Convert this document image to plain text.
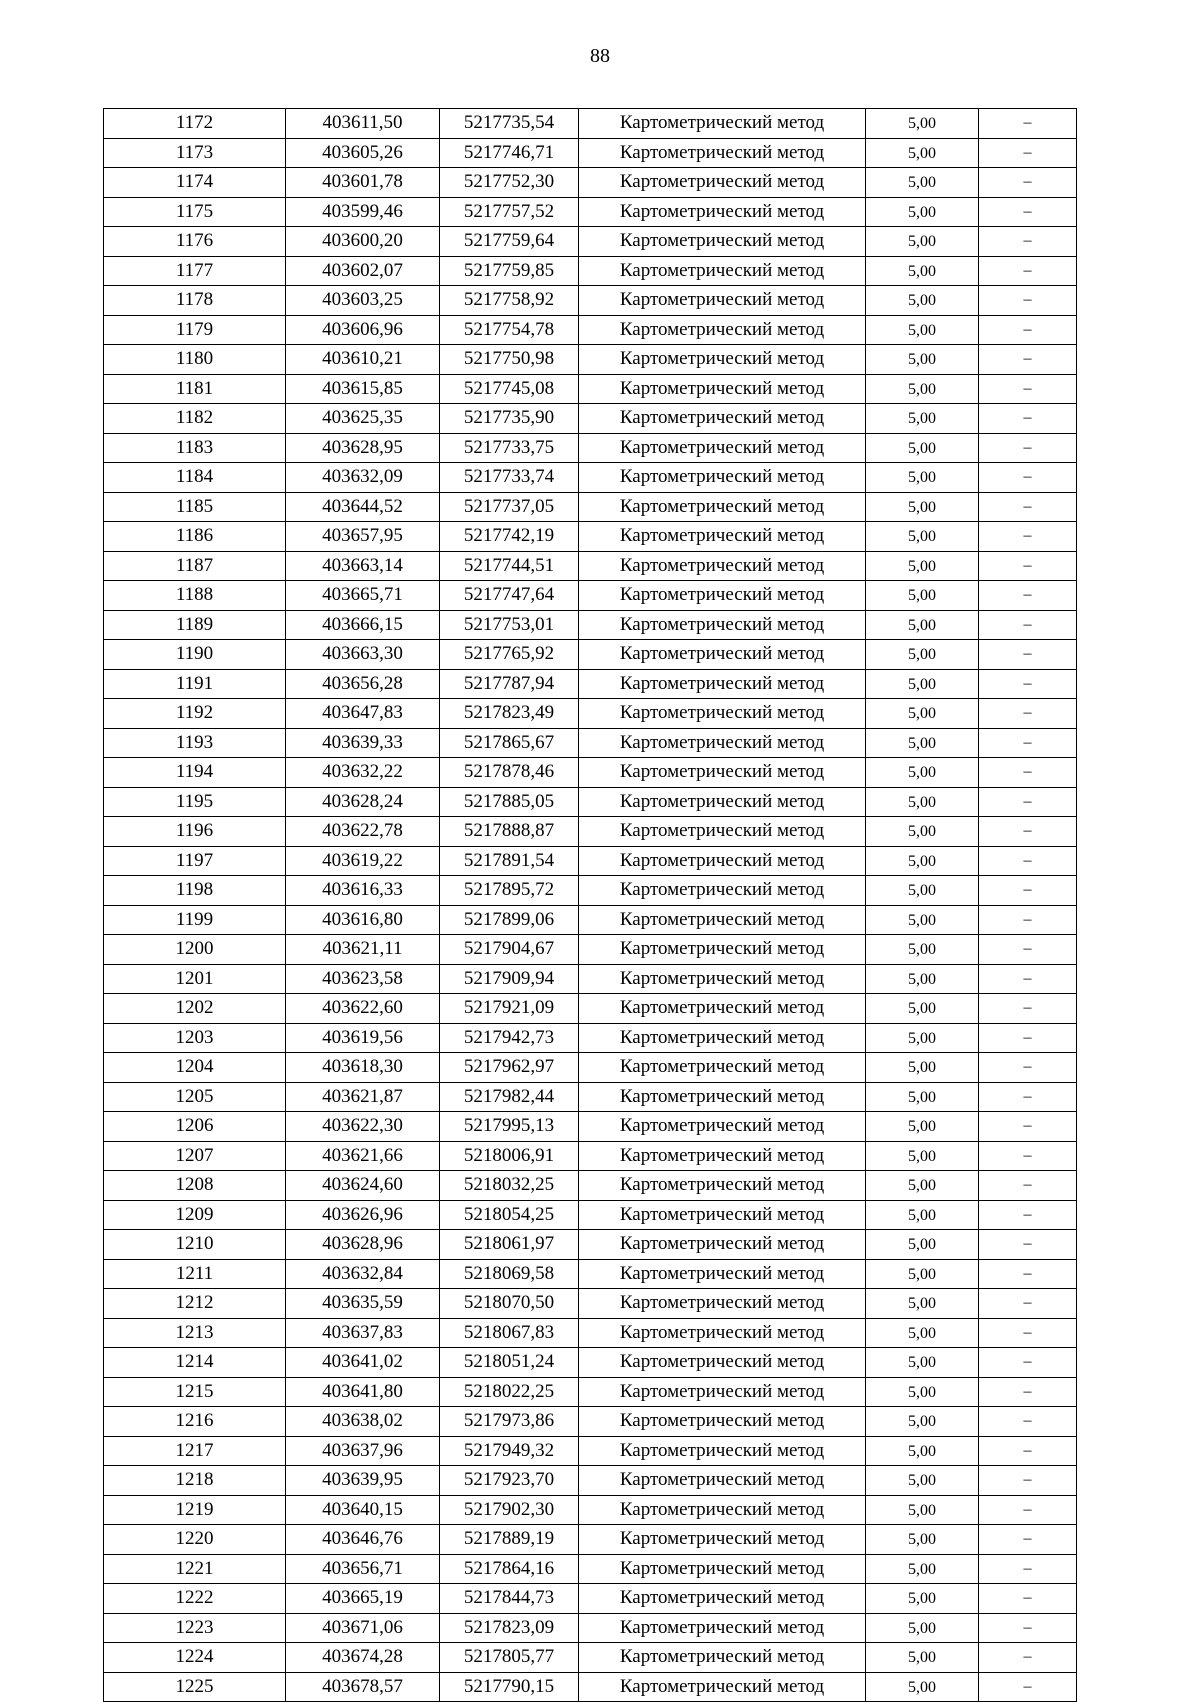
88
1172	403611,50	5217735,54	Картометрический метод	5,00	–
1173	403605,26	5217746,71	Картометрический метод	5,00	–
1174	403601,78	5217752,30	Картометрический метод	5,00	–
1175	403599,46	5217757,52	Картометрический метод	5,00	–
1176	403600,20	5217759,64	Картометрический метод	5,00	–
1177	403602,07	5217759,85	Картометрический метод	5,00	–
1178	403603,25	5217758,92	Картометрический метод	5,00	–
1179	403606,96	5217754,78	Картометрический метод	5,00	–
1180	403610,21	5217750,98	Картометрический метод	5,00	–
1181	403615,85	5217745,08	Картометрический метод	5,00	–
1182	403625,35	5217735,90	Картометрический метод	5,00	–
1183	403628,95	5217733,75	Картометрический метод	5,00	–
1184	403632,09	5217733,74	Картометрический метод	5,00	–
1185	403644,52	5217737,05	Картометрический метод	5,00	–
1186	403657,95	5217742,19	Картометрический метод	5,00	–
1187	403663,14	5217744,51	Картометрический метод	5,00	–
1188	403665,71	5217747,64	Картометрический метод	5,00	–
1189	403666,15	5217753,01	Картометрический метод	5,00	–
1190	403663,30	5217765,92	Картометрический метод	5,00	–
1191	403656,28	5217787,94	Картометрический метод	5,00	–
1192	403647,83	5217823,49	Картометрический метод	5,00	–
1193	403639,33	5217865,67	Картометрический метод	5,00	–
1194	403632,22	5217878,46	Картометрический метод	5,00	–
1195	403628,24	5217885,05	Картометрический метод	5,00	–
1196	403622,78	5217888,87	Картометрический метод	5,00	–
1197	403619,22	5217891,54	Картометрический метод	5,00	–
1198	403616,33	5217895,72	Картометрический метод	5,00	–
1199	403616,80	5217899,06	Картометрический метод	5,00	–
1200	403621,11	5217904,67	Картометрический метод	5,00	–
1201	403623,58	5217909,94	Картометрический метод	5,00	–
1202	403622,60	5217921,09	Картометрический метод	5,00	–
1203	403619,56	5217942,73	Картометрический метод	5,00	–
1204	403618,30	5217962,97	Картометрический метод	5,00	–
1205	403621,87	5217982,44	Картометрический метод	5,00	–
1206	403622,30	5217995,13	Картометрический метод	5,00	–
1207	403621,66	5218006,91	Картометрический метод	5,00	–
1208	403624,60	5218032,25	Картометрический метод	5,00	–
1209	403626,96	5218054,25	Картометрический метод	5,00	–
1210	403628,96	5218061,97	Картометрический метод	5,00	–
1211	403632,84	5218069,58	Картометрический метод	5,00	–
1212	403635,59	5218070,50	Картометрический метод	5,00	–
1213	403637,83	5218067,83	Картометрический метод	5,00	–
1214	403641,02	5218051,24	Картометрический метод	5,00	–
1215	403641,80	5218022,25	Картометрический метод	5,00	–
1216	403638,02	5217973,86	Картометрический метод	5,00	–
1217	403637,96	5217949,32	Картометрический метод	5,00	–
1218	403639,95	5217923,70	Картометрический метод	5,00	–
1219	403640,15	5217902,30	Картометрический метод	5,00	–
1220	403646,76	5217889,19	Картометрический метод	5,00	–
1221	403656,71	5217864,16	Картометрический метод	5,00	–
1222	403665,19	5217844,73	Картометрический метод	5,00	–
1223	403671,06	5217823,09	Картометрический метод	5,00	–
1224	403674,28	5217805,77	Картометрический метод	5,00	–
1225	403678,57	5217790,15	Картометрический метод	5,00	–
